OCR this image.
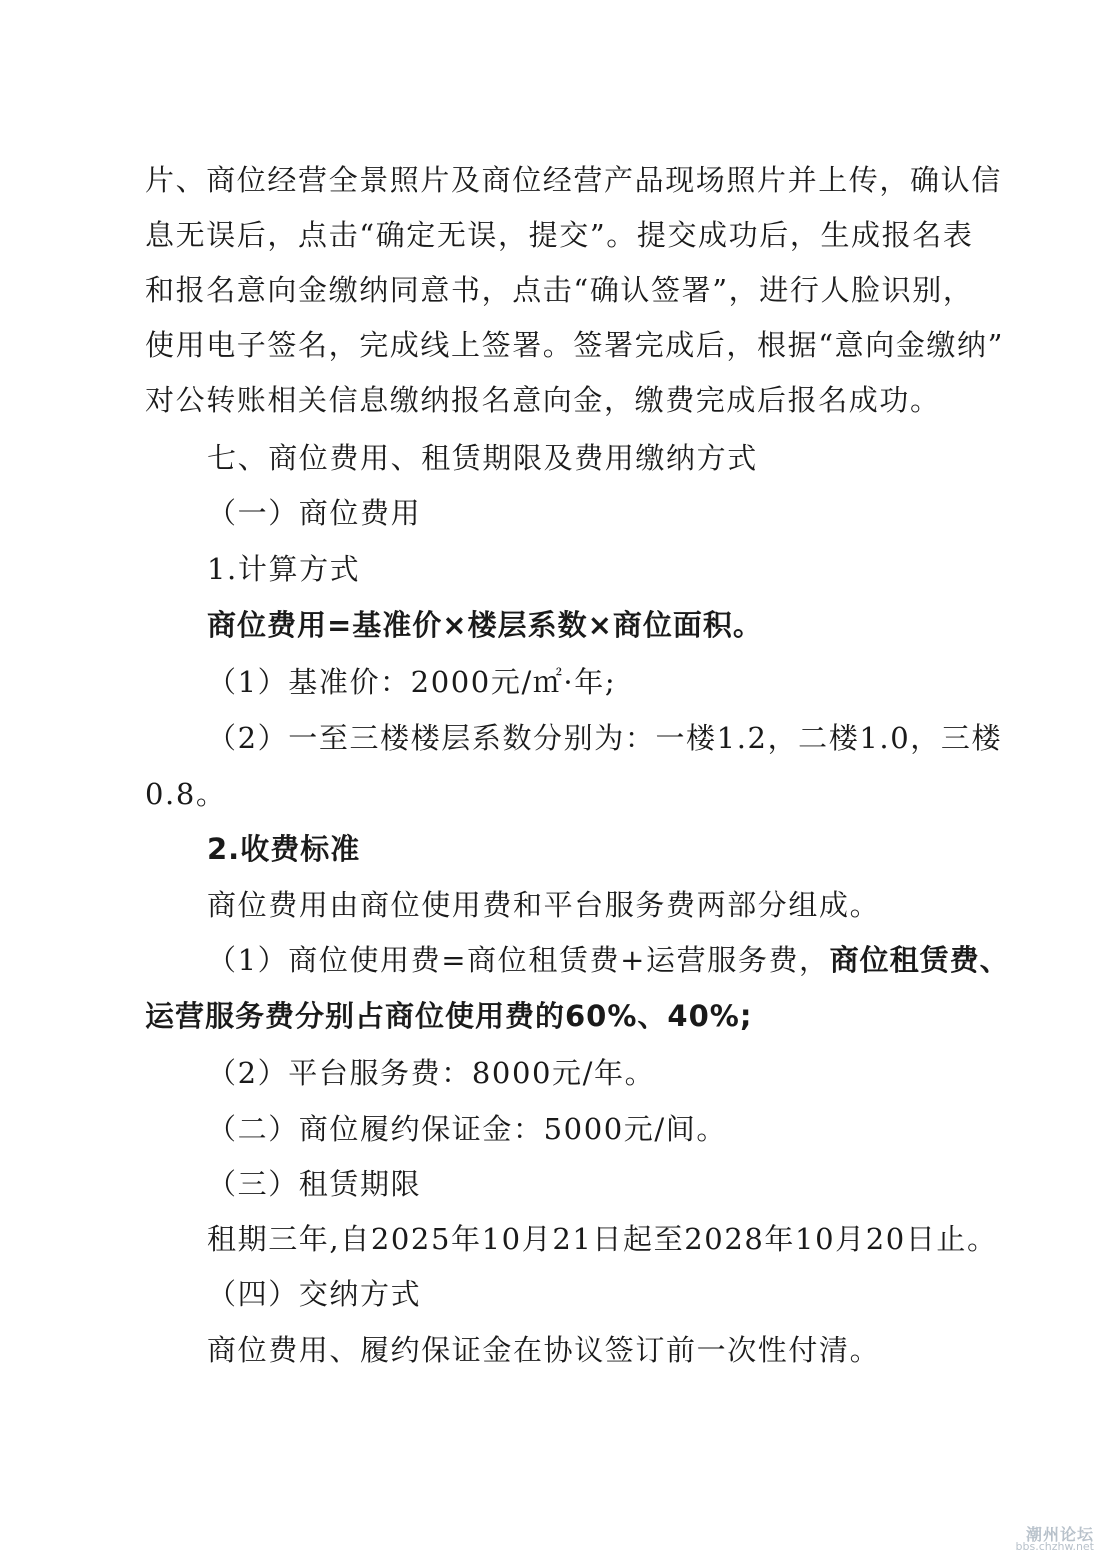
片、商位经营全景照片及商位经营产品现场照片并上传，确认信
息无误后，点击“确定无误，提交”。提交成功后，生成报名表
和报名意向金缴纳同意书，点击“确认签署”，进行人脸识别，
使用电子签名，完成线上签署。签署完成后，根据“意向金缴纳”
对公转账相关信息缴纳报名意向金，缴费完成后报名成功。
七、商位费用、租赁期限及费用缴纳方式
（一）商位费用
1.计算方式
商位费用=基准价×楼层系数×商位面积。
（1）基准价：2000元/㎡·年;
（2）一至三楼楼层系数分别为：一楼1.2，二楼1.0，三楼
0.8。
2.收费标准
商位费用由商位使用费和平台服务费两部分组成。
（1）商位使用费=商位租赁费+运营服务费，商位租赁费、
运营服务费分别占商位使用费的60%、40%;
（2）平台服务费：8000元/年。
（二）商位履约保证金：5000元/间。
（三）租赁期限
租期三年,自2025年10月21日起至2028年10月20日止。
（四）交纳方式
商位费用、履约保证金在协议签订前一次性付清。
潮州论坛
bbs.chzhw.net
